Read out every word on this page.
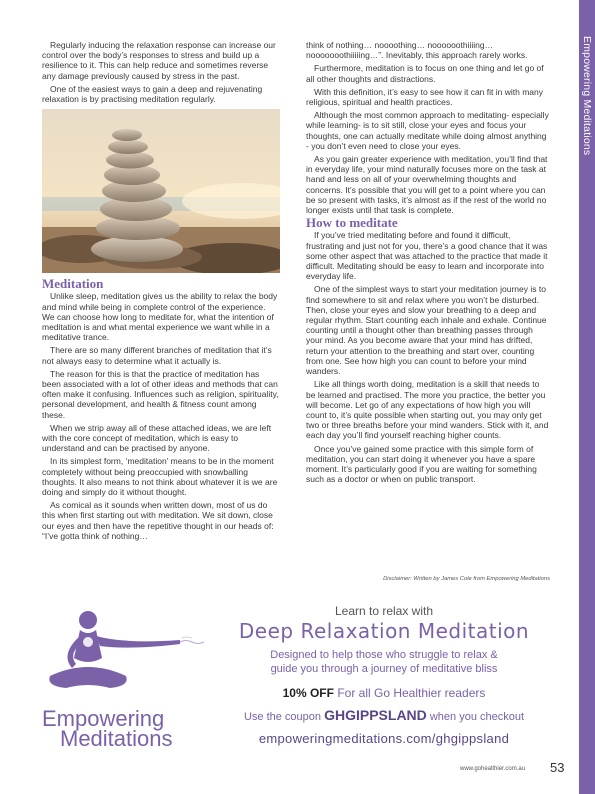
Empowering Meditations

Regularly inducing the relaxation response can increase our control over the body’s responses to stress and build up a resilience to it. This can help reduce and sometimes reverse any damage previously caused by stress in the past.

One of the easiest ways to gain a deep and rejuvenating relaxation is by practising meditation regularly.

Meditation

Unlike sleep, meditation gives us the ability to relax the body and mind while being in complete control of the experience. We can choose how long to meditate for, what the intention of meditation is and what mental experience we want while in a meditative trance.

There are so many different branches of meditation that it’s not always easy to determine what it actually is.

The reason for this is that the practice of meditation has been associated with a lot of other ideas and methods that can often make it confusing. Influences such as religion, spirituality, personal development, and health & fitness count among these.

When we strip away all of these attached ideas, we are left with the core concept of meditation, which is easy to understand and can be practised by anyone.

In its simplest form, ‘meditation’ means to be in the moment completely without being preoccupied with snowballing thoughts. It also means to not think about whatever it is we are doing and simply do it without thought.

As comical as it sounds when written down, most of us do this when first starting out with meditation. We sit down, close our eyes and then have the repetitive thought in our heads of: “I’ve gotta think of nothing…

think of nothing… noooothing… noooooothiiiing… nooooooothiiiiing…”. Inevitably, this approach rarely works.

Furthermore, meditation is to focus on one thing and let go of all other thoughts and distractions.

With this definition, it’s easy to see how it can fit in with many religious, spiritual and health practices.

Although the most common approach to meditating- especially while learning- is to sit still, close your eyes and focus your thoughts, one can actually meditate while doing almost anything - you don’t even need to close your eyes.

As you gain greater experience with meditation, you’ll find that in everyday life, your mind naturally focuses more on the task at hand and less on all of your overwhelming thoughts and concerns. It’s possible that you will get to a point where you can be so present with tasks, it’s almost as if the rest of the world no longer exists until that task is complete.

How to meditate

If you’ve tried meditating before and found it difficult, frustrating and just not for you, there’s a good chance that it was some other aspect that was attached to the practice that made it difficult. Meditating should be easy to learn and incorporate into everyday life.

One of the simplest ways to start your meditation journey is to find somewhere to sit and relax where you won’t be disturbed. Then, close your eyes and slow your breathing to a deep and regular rhythm. Start counting each inhale and exhale. Continue counting until a thought other than breathing passes through your mind. As you become aware that your mind has drifted, return your attention to the breathing and start over, counting from one. See how high you can count to before your mind wanders.

Like all things worth doing, meditation is a skill that needs to be learned and practised. The more you practice, the better you will become. Let go of any expectations of how high you will count to, it’s quite possible when starting out, you may only get two or three breaths before your mind wanders. Stick with it, and each day you’ll find yourself reaching higher counts.

Once you’ve gained some practice with this simple form of meditation, you can start doing it whenever you have a spare moment. It’s particularly good if you are waiting for something such as a doctor or when on public transport.

Disclaimer: Written by James Cole from Empowering Meditations
Empowering
Meditations
Learn to relax with
Deep Relaxation Meditation
Designed to help those who struggle to relax &
guide you through a journey of meditative bliss
10% OFF For all Go Healthier readers
Use the coupon GHGIPPSLAND when you checkout
empoweringmeditations.com/ghgippsland
www.gohealthier.com.au 53
